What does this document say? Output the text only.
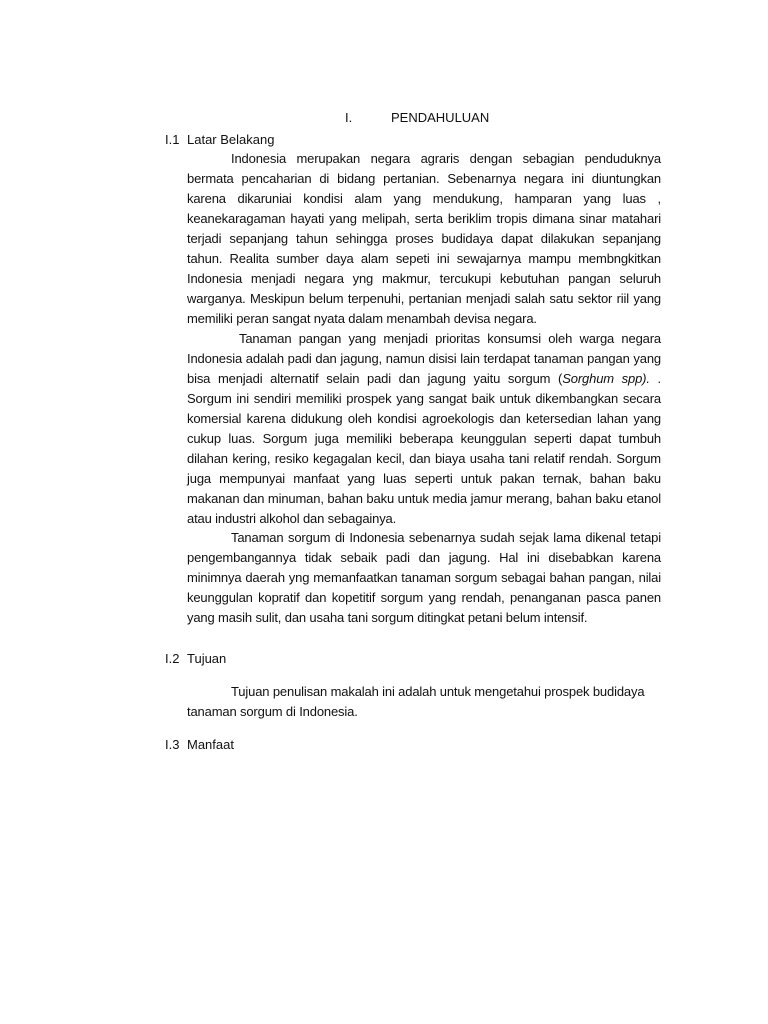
I.	PENDAHULUAN
I.1 Latar Belakang

Indonesia merupakan negara agraris dengan sebagian penduduknya bermata pencaharian di bidang pertanian. Sebenarnya negara ini diuntungkan karena dikaruniai kondisi alam yang mendukung, hamparan yang luas , keanekaragaman hayati yang melipah, serta beriklim tropis dimana sinar matahari terjadi sepanjang tahun sehingga proses budidaya dapat dilakukan sepanjang tahun. Realita sumber daya alam sepeti ini sewajarnya mampu membngkitkan Indonesia menjadi negara yng makmur, tercukupi kebutuhan pangan seluruh warganya. Meskipun belum terpenuhi, pertanian menjadi salah satu sektor riil yang memiliki peran sangat nyata dalam menambah devisa negara.

Tanaman pangan yang menjadi prioritas konsumsi oleh warga negara Indonesia adalah padi dan jagung, namun disisi lain terdapat tanaman pangan yang bisa menjadi alternatif selain padi dan jagung yaitu sorgum (Sorghum spp). . Sorgum ini sendiri memiliki prospek yang sangat baik untuk dikembangkan secara komersial karena didukung oleh kondisi agroekologis dan ketersedian lahan yang cukup luas. Sorgum juga memiliki beberapa keunggulan seperti dapat tumbuh dilahan kering, resiko kegagalan kecil, dan biaya usaha tani relatif rendah. Sorgum juga mempunyai manfaat yang luas seperti untuk pakan ternak, bahan baku makanan dan minuman, bahan baku untuk media jamur merang, bahan baku etanol atau industri alkohol dan sebagainya.

Tanaman sorgum di Indonesia sebenarnya sudah sejak lama dikenal tetapi pengembangannya tidak sebaik padi dan jagung. Hal ini disebabkan karena minimnya daerah yng memanfaatkan tanaman sorgum sebagai bahan pangan, nilai keunggulan kopratif dan kopetitif sorgum yang rendah, penanganan pasca panen yang masih sulit, dan usaha tani sorgum ditingkat petani belum intensif.

I.2 Tujuan

Tujuan penulisan makalah ini adalah untuk mengetahui prospek budidaya tanaman sorgum di Indonesia.

I.3 Manfaat
